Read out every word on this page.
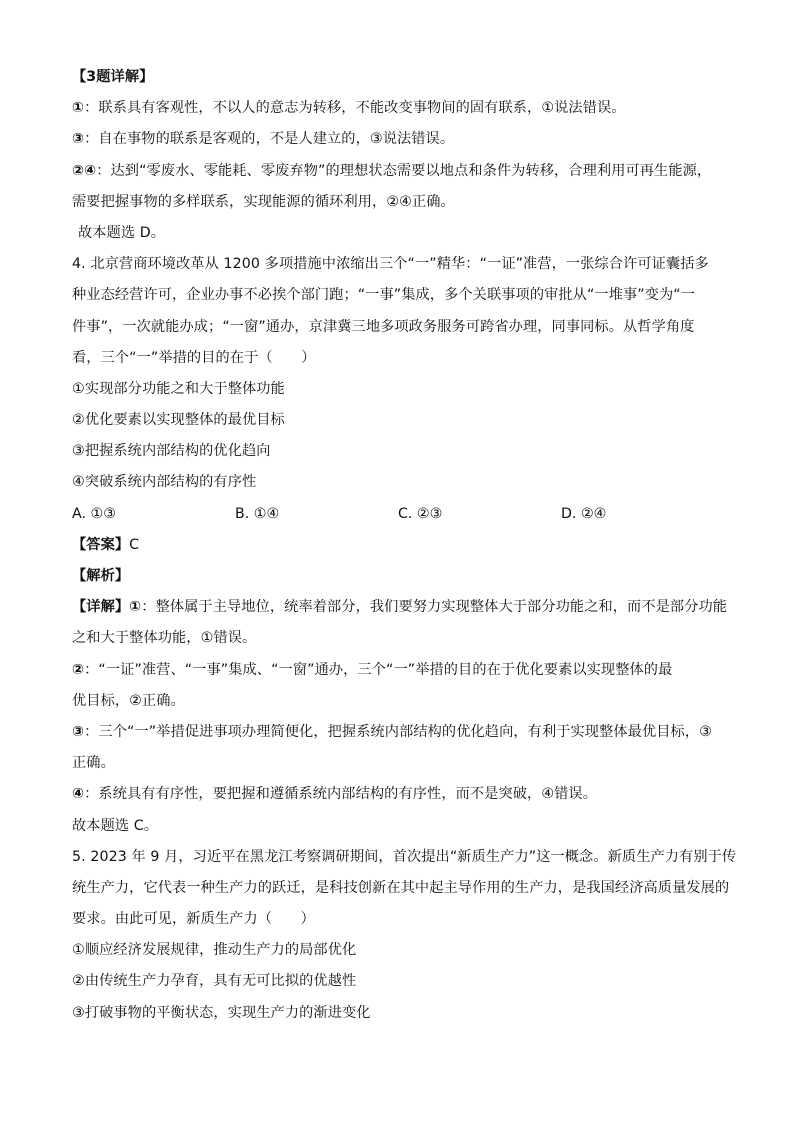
【3题详解】
①：联系具有客观性，不以人的意志为转移，不能改变事物间的固有联系，①说法错误。
③：自在事物的联系是客观的，不是人建立的，③说法错误。
②④：达到“零废水、零能耗、零废弃物”的理想状态需要以地点和条件为转移，合理利用可再生能源，
需要把握事物的多样联系，实现能源的循环利用，②④正确。
故本题选 D。
4. 北京营商环境改革从 1200 多项措施中浓缩出三个“一”精华：“一证”准营，一张综合许可证囊括多
种业态经营许可，企业办事不必挨个部门跑；“一事”集成，多个关联事项的审批从“一堆事”变为“一
件事”，一次就能办成；“一窗”通办，京津冀三地多项政务服务可跨省办理，同事同标。从哲学角度
看，三个“一”举措的目的在于（　　）
①实现部分功能之和大于整体功能
②优化要素以实现整体的最优目标
③把握系统内部结构的优化趋向
④突破系统内部结构的有序性
A. ①③	B. ①④	C. ②③	D. ②④
【答案】C
【解析】
【详解】①：整体属于主导地位，统率着部分，我们要努力实现整体大于部分功能之和，而不是部分功能
之和大于整体功能，①错误。
②：“一证”准营、“一事”集成、“一窗”通办，三个“一”举措的目的在于优化要素以实现整体的最
优目标，②正确。
③：三个“一”举措促进事项办理简便化，把握系统内部结构的优化趋向，有利于实现整体最优目标，③
正确。
④：系统具有有序性，要把握和遵循系统内部结构的有序性，而不是突破，④错误。
故本题选 C。
5. 2023 年 9 月，习近平在黑龙江考察调研期间，首次提出“新质生产力”这一概念。新质生产力有别于传
统生产力，它代表一种生产力的跃迁，是科技创新在其中起主导作用的生产力，是我国经济高质量发展的
要求。由此可见，新质生产力（　　）
①顺应经济发展规律，推动生产力的局部优化
②由传统生产力孕育，具有无可比拟的优越性
③打破事物的平衡状态，实现生产力的渐进变化
